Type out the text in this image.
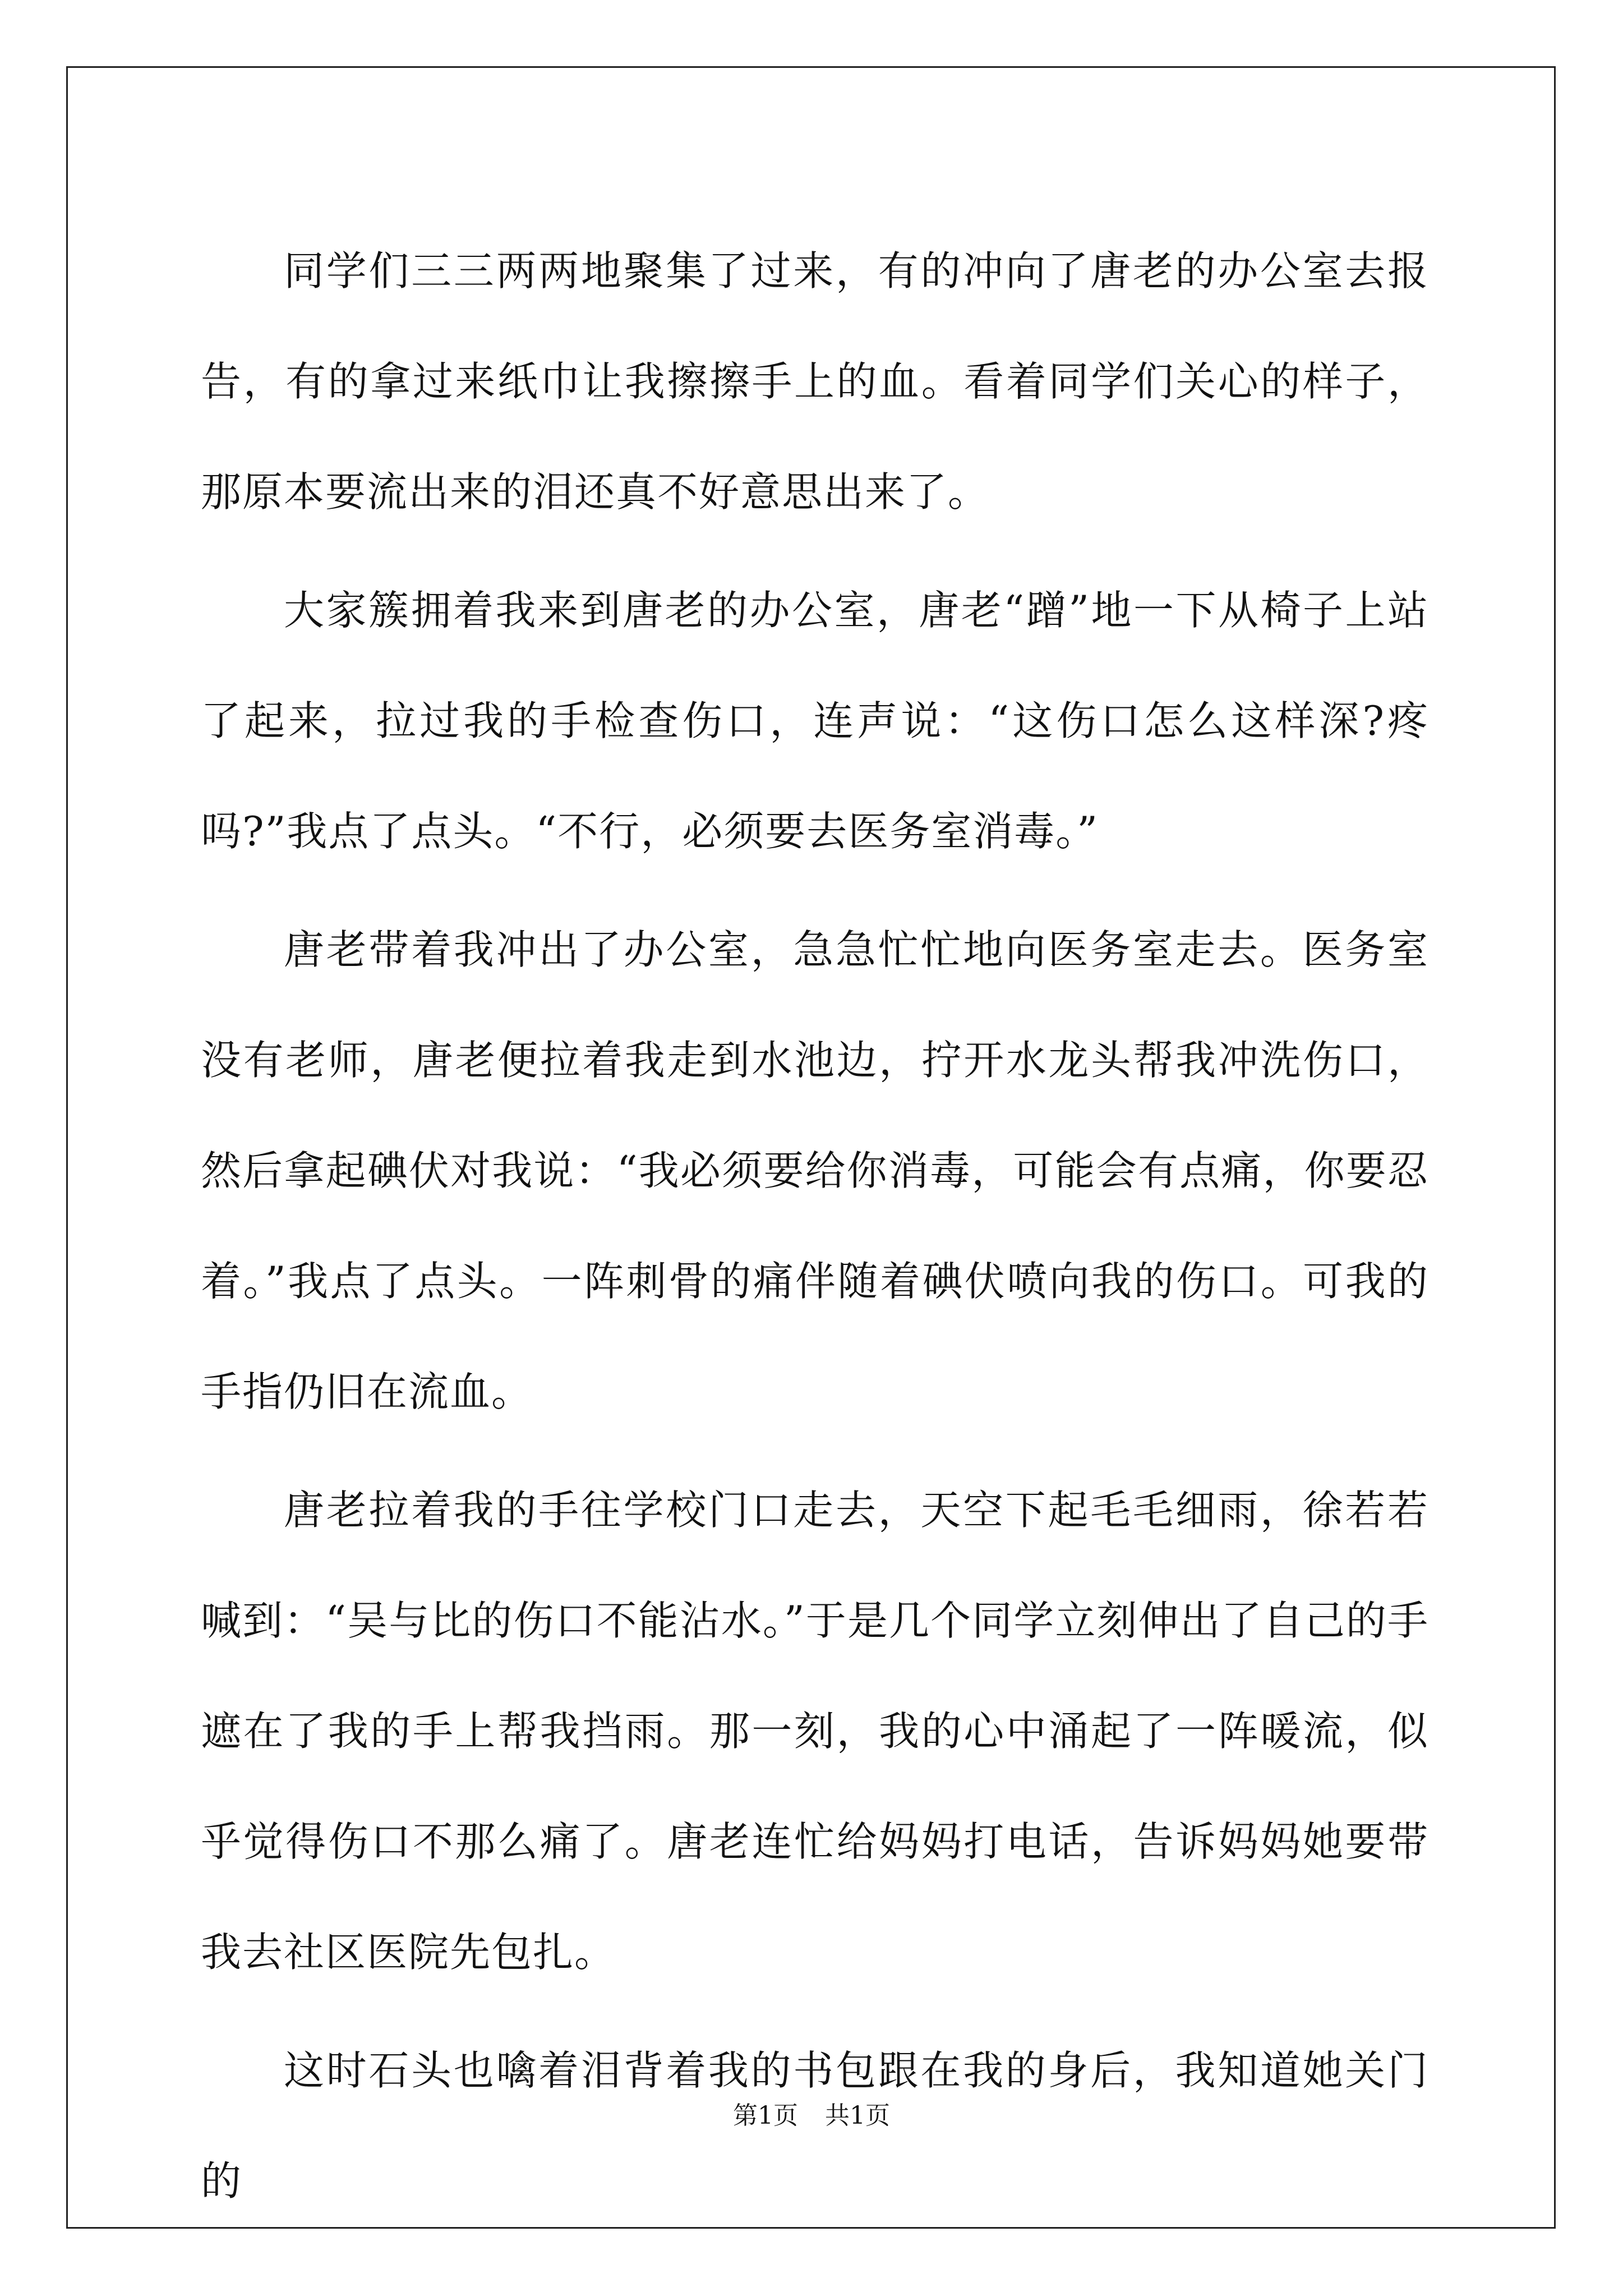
同学们三三两两地聚集了过来，有的冲向了唐老的办公室去报告，有的拿过来纸巾让我擦擦手上的血。看着同学们关心的样子，那原本要流出来的泪还真不好意思出来了。

大家簇拥着我来到唐老的办公室，唐老“蹭”地一下从椅子上站了起来，拉过我的手检查伤口，连声说：“这伤口怎么这样深?疼吗?”我点了点头。“不行，必须要去医务室消毒。”

唐老带着我冲出了办公室，急急忙忙地向医务室走去。医务室没有老师，唐老便拉着我走到水池边，拧开水龙头帮我冲洗伤口，然后拿起碘伏对我说：“我必须要给你消毒，可能会有点痛，你要忍着。”我点了点头。一阵刺骨的痛伴随着碘伏喷向我的伤口。可我的手指仍旧在流血。

唐老拉着我的手往学校门口走去，天空下起毛毛细雨，徐若若喊到：“吴与比的伤口不能沾水。”于是几个同学立刻伸出了自己的手遮在了我的手上帮我挡雨。那一刻，我的心中涌起了一阵暖流，似乎觉得伤口不那么痛了。唐老连忙给妈妈打电话，告诉妈妈她要带我去社区医院先包扎。

这时石头也噙着泪背着我的书包跟在我的身后，我知道她关门的

第1页 共1页
